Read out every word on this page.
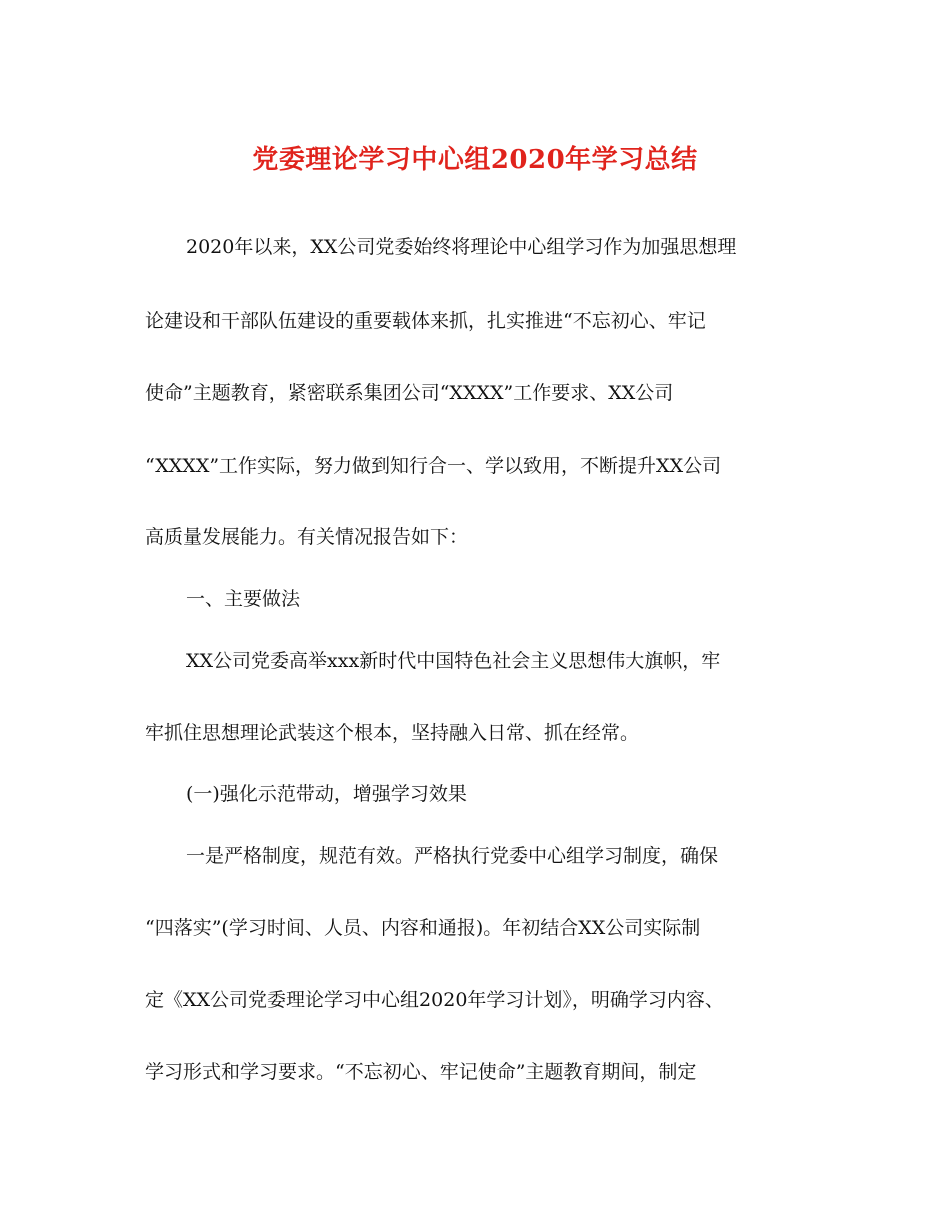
党委理论学习中心组2020年学习总结
2020年以来，XX公司党委始终将理论中心组学习作为加强思想理
论建设和干部队伍建设的重要载体来抓，扎实推进“不忘初心、牢记
使命”主题教育，紧密联系集团公司“XXXX”工作要求、XX公司
“XXXX”工作实际，努力做到知行合一、学以致用，不断提升XX公司
高质量发展能力。有关情况报告如下：
一、主要做法
XX公司党委高举xxx新时代中国特色社会主义思想伟大旗帜，牢
牢抓住思想理论武装这个根本，坚持融入日常、抓在经常。
(一)强化示范带动，增强学习效果
一是严格制度，规范有效。严格执行党委中心组学习制度，确保
“四落实”(学习时间、人员、内容和通报)。年初结合XX公司实际制
定《XX公司党委理论学习中心组2020年学习计划》，明确学习内容、
学习形式和学习要求。“不忘初心、牢记使命”主题教育期间，制定
